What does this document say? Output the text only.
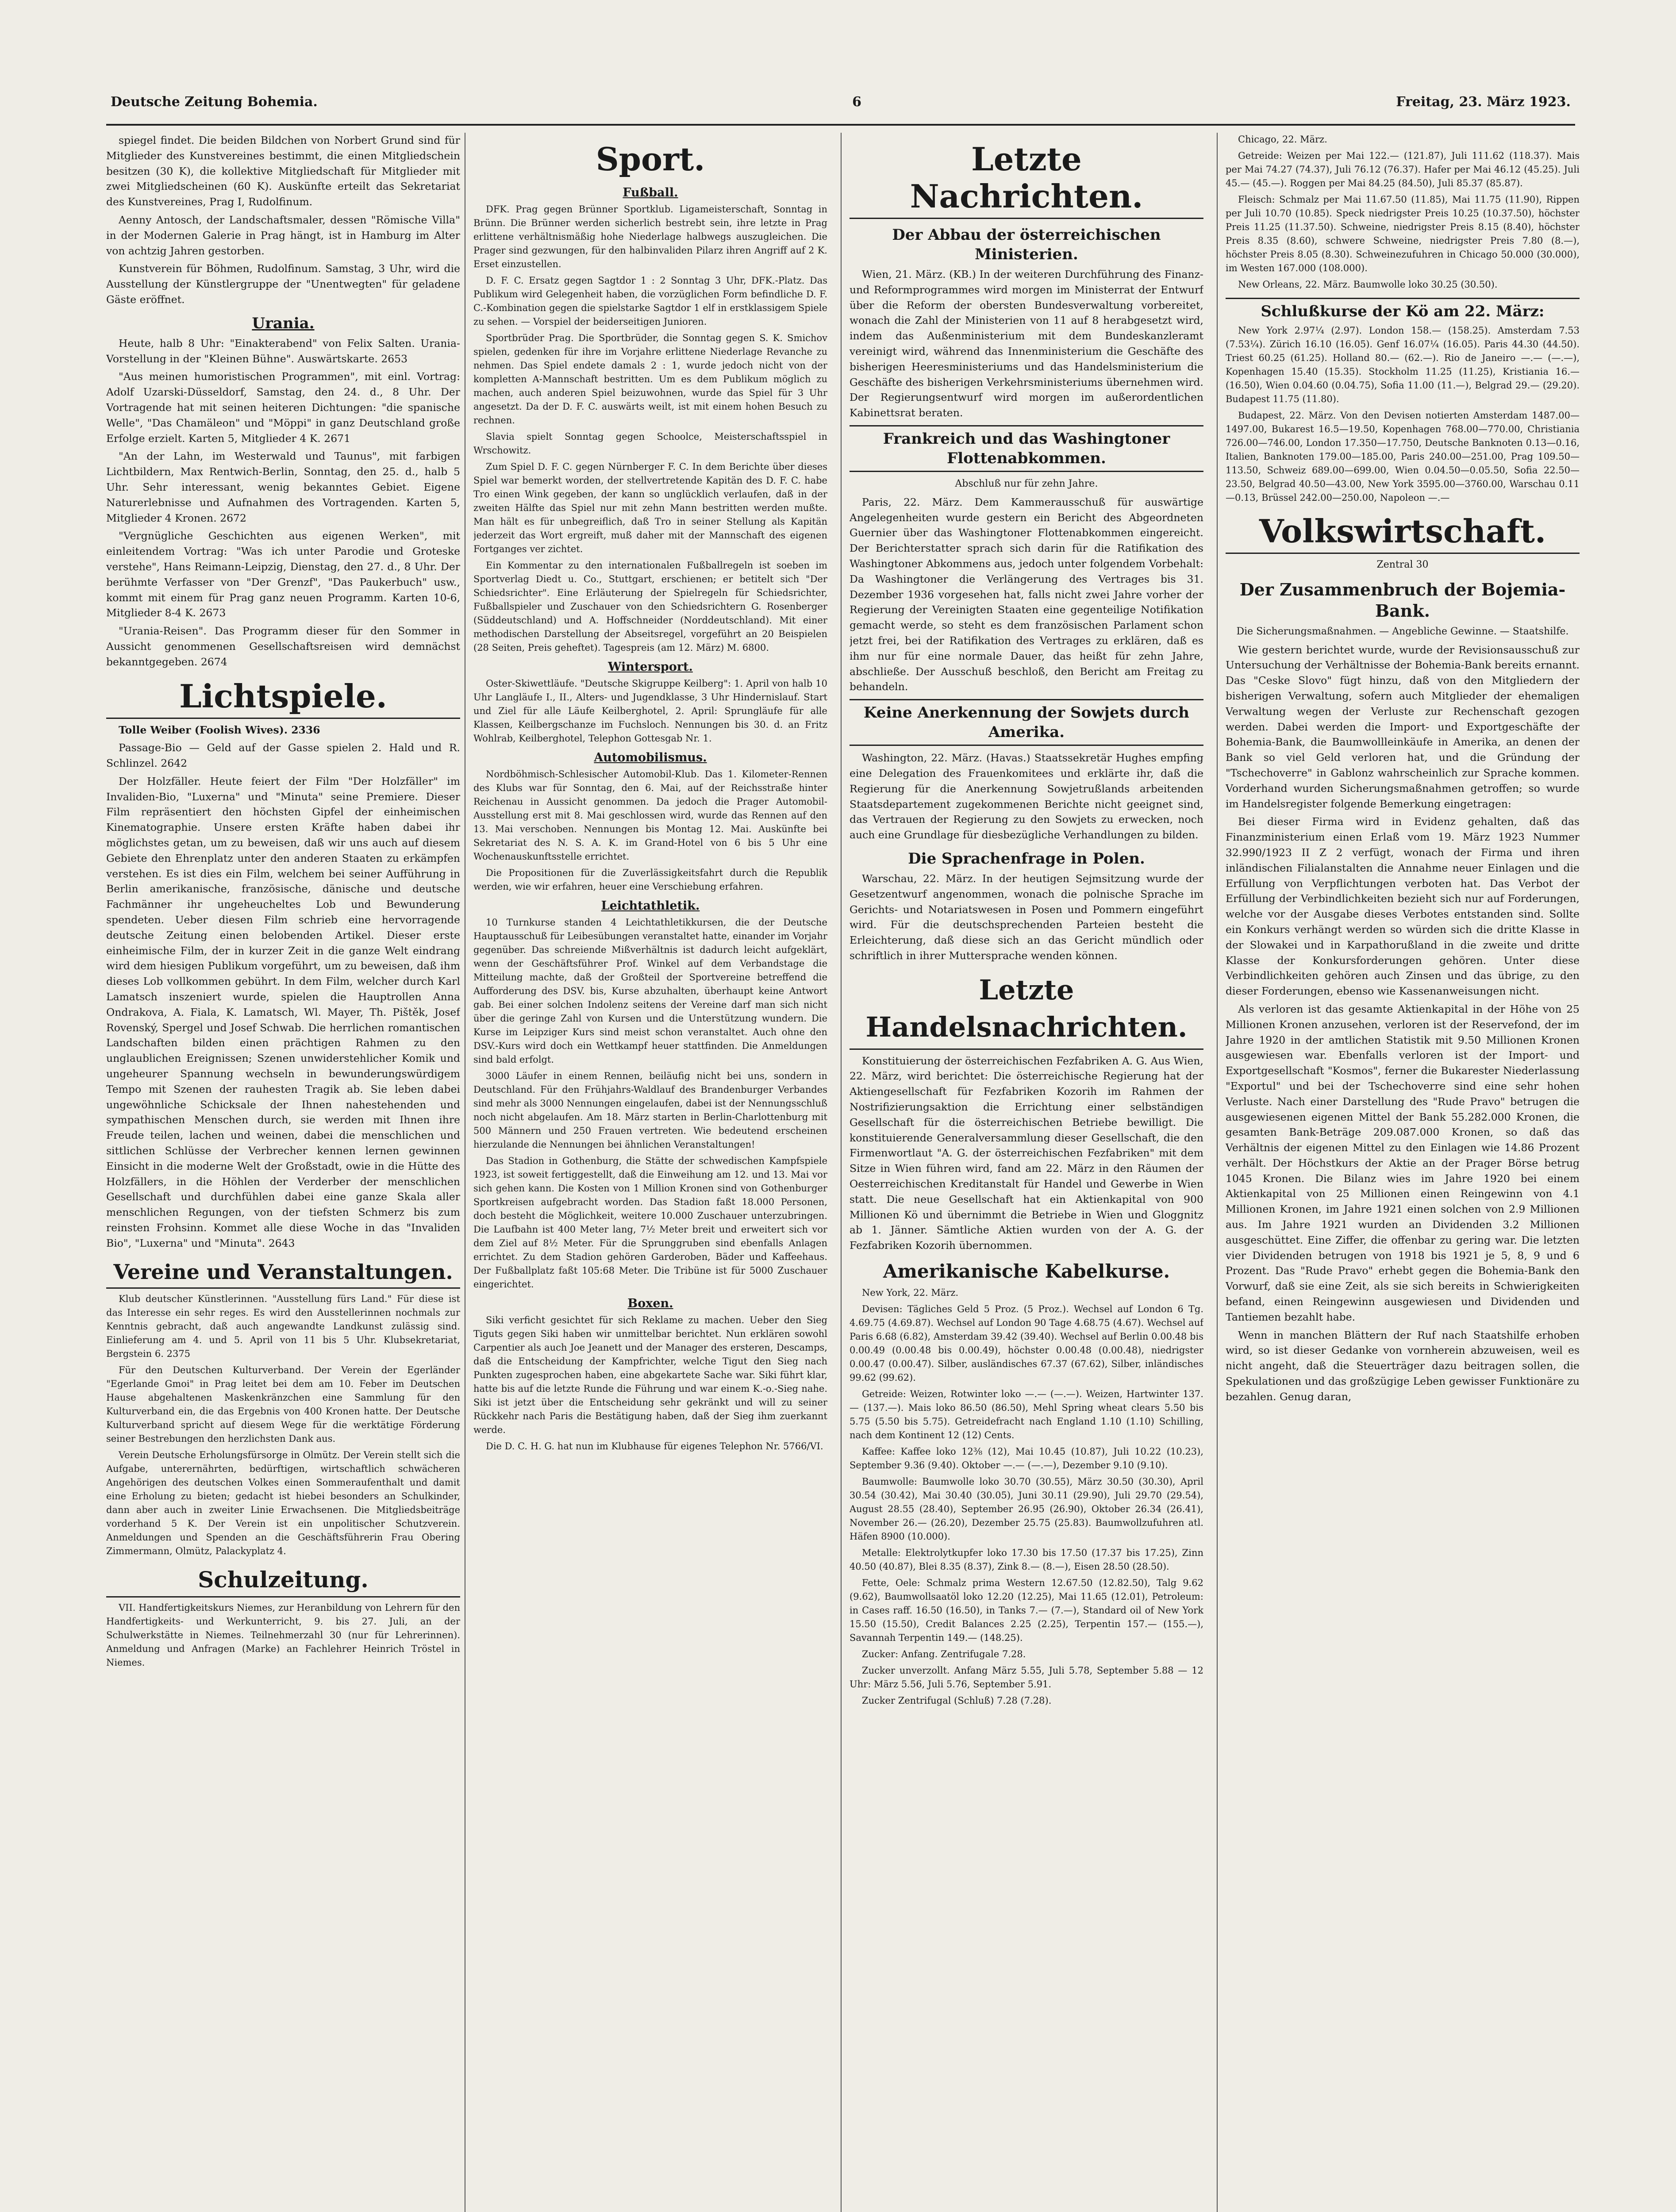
Deutsche Zeitung Bohemia.	6	Freitag, 23. März 1923.

spiegel findet. Die beiden Bildchen von Norbert Grund sind für Mitglieder des Kunstvereines bestimmt, die einen Mitgliedschein besitzen (30 K), die kollektive Mitgliedschaft für Mitglieder mit zwei Mitgliedscheinen (60 K). Auskünfte erteilt das Sekretariat des Kunstvereines, Prag I, Rudolfinum.

Aenny Antosch, der Landschaftsmaler, dessen "Römische Villa" in der Modernen Galerie in Prag hängt, ist in Hamburg im Alter von achtzig Jahren gestorben.

Kunstverein für Böhmen, Rudolfinum. Samstag, 3 Uhr, wird die Ausstellung der Künstlergruppe der "Unentwegten" für geladene Gäste eröffnet.

Urania.

Heute, halb 8 Uhr: "Einakterabend" von Felix Salten. Urania-Vorstellung in der "Kleinen Bühne". Auswärtskarte. 2653

"Aus meinen humoristischen Programmen", mit einl. Vortrag: Adolf Uzarski-Düsseldorf, Samstag, den 24. d., 8 Uhr. Der Vortragende hat mit seinen heiteren Dichtungen: "die spanische Welle", "Das Chamäleon" und "Möppi" in ganz Deutschland große Erfolge erzielt. Karten 5, Mitglieder 4 K. 2671

"An der Lahn, im Westerwald und Taunus", mit farbigen Lichtbildern, Max Rentwich-Berlin, Sonntag, den 25. d., halb 5 Uhr. Sehr interessant, wenig bekanntes Gebiet. Eigene Naturerlebnisse und Aufnahmen des Vortragenden. Karten 5, Mitglieder 4 Kronen. 2672

"Vergnügliche Geschichten aus eigenen Werken", mit einleitendem Vortrag: "Was ich unter Parodie und Groteske verstehe", Hans Reimann-Leipzig, Dienstag, den 27. d., 8 Uhr. Der berühmte Verfasser von "Der Grenzf", "Das Paukerbuch" usw., kommt mit einem für Prag ganz neuen Programm. Karten 10-6, Mitglieder 8-4 K. 2673

"Urania-Reisen". Das Programm dieser für den Sommer in Aussicht genommenen Gesellschaftsreisen wird demnächst bekanntgegeben. 2674

Lichtspiele.

Tolle Weiber (Foolish Wives). 2336

Passage-Bio — Geld auf der Gasse spielen 2. Hald und R. Schlinzel. 2642

Der Holzfäller. Heute feiert der Film "Der Holzfäller" im Invaliden-Bio, "Luxerna" und "Minuta" seine Premiere. Dieser Film repräsentiert den höchsten Gipfel der einheimischen Kinematographie. Unsere ersten Kräfte haben dabei ihr möglichstes getan, um zu beweisen, daß wir uns auch auf diesem Gebiete den Ehrenplatz unter den anderen Staaten zu erkämpfen verstehen. Es ist dies ein Film, welchem bei seiner Aufführung in Berlin amerikanische, französische, dänische und deutsche Fachmänner ihr ungeheucheltes Lob und Bewunderung spendeten. Ueber diesen Film schrieb eine hervorragende deutsche Zeitung einen belobenden Artikel. Dieser erste einheimische Film, der in kurzer Zeit in die ganze Welt eindrang wird dem hiesigen Publikum vorgeführt, um zu beweisen, daß ihm dieses Lob vollkommen gebührt. In dem Film, welcher durch Karl Lamatsch inszeniert wurde, spielen die Hauptrollen Anna Ondrakova, A. Fiala, K. Lamatsch, Wl. Mayer, Th. Pištěk, Josef Rovenský, Spergel und Josef Schwab. Die herrlichen romantischen Landschaften bilden einen prächtigen Rahmen zu den unglaublichen Ereignissen; Szenen unwiderstehlicher Komik und ungeheurer Spannung wechseln in bewunderungswürdigem Tempo mit Szenen der rauhesten Tragik ab. Sie leben dabei ungewöhnliche Schicksale der Ihnen nahestehenden und sympathischen Menschen durch, sie werden mit Ihnen ihre Freude teilen, lachen und weinen, dabei die menschlichen und sittlichen Schlüsse der Verbrecher kennen lernen gewinnen Einsicht in die moderne Welt der Großstadt, owie in die Hütte des Holzfällers, in die Höhlen der Verderber der menschlichen Gesellschaft und durchfühlen dabei eine ganze Skala aller menschlichen Regungen, von der tiefsten Schmerz bis zum reinsten Frohsinn. Kommet alle diese Woche in das "Invaliden Bio", "Luxerna" und "Minuta". 2643

Vereine und Veranstaltungen.

Klub deutscher Künstlerinnen. "Ausstellung fürs Land." Für diese ist das Interesse ein sehr reges. Es wird den Ausstellerinnen nochmals zur Kenntnis gebracht, daß auch angewandte Landkunst zulässig sind. Einlieferung am 4. und 5. April von 11 bis 5 Uhr. Klubsekretariat, Bergstein 6. 2375

Für den Deutschen Kulturverband. Der Verein der Egerländer "Egerlande Gmoi" in Prag leitet bei dem am 10. Feber im Deutschen Hause abgehaltenen Maskenkränzchen eine Sammlung für den Kulturverband ein, die das Ergebnis von 400 Kronen hatte. Der Deutsche Kulturverband spricht auf diesem Wege für die werktätige Förderung seiner Bestrebungen den herzlichsten Dank aus.

Verein Deutsche Erholungsfürsorge in Olmütz. Der Verein stellt sich die Aufgabe, unterernährten, bedürftigen, wirtschaftlich schwächeren Angehörigen des deutschen Volkes einen Sommeraufenthalt und damit eine Erholung zu bieten; gedacht ist hiebei besonders an Schulkinder, dann aber auch in zweiter Linie Erwachsenen. Die Mitgliedsbeiträge vorderhand 5 K. Der Verein ist ein unpolitischer Schutzverein. Anmeldungen und Spenden an die Geschäftsführerin Frau Obering Zimmermann, Olmütz, Palackyplatz 4.

Schulzeitung.

VII. Handfertigkeitskurs Niemes, zur Heranbildung von Lehrern für den Handfertigkeits- und Werkunterricht, 9. bis 27. Juli, an der Schulwerkstätte in Niemes. Teilnehmerzahl 30 (nur für Lehrerinnen). Anmeldung und Anfragen (Marke) an Fachlehrer Heinrich Tröstel in Niemes.

Sport.
Fußball.

DFK. Prag gegen Brünner Sportklub. Ligameisterschaft, Sonntag in Brünn. Die Brünner werden sicherlich bestrebt sein, ihre letzte in Prag erlittene verhältnismäßig hohe Niederlage halbwegs auszugleichen. Die Prager sind gezwungen, für den halbinvaliden Pilarz ihren Angriff auf 2 K. Erset einzustellen.

D. F. C. Ersatz gegen Sagtdor 1 : 2 Sonntag 3 Uhr, DFK.-Platz. Das Publikum wird Gelegenheit haben, die vorzüglichen Form befindliche D. F. C.-Kombination gegen die spielstarke Sagtdor 1 elf in erstklassigem Spiele zu sehen. — Vorspiel der beiderseitigen Junioren.

Sportbrüder Prag. Die Sportbrüder, die Sonntag gegen S. K. Smichov spielen, gedenken für ihre im Vorjahre erlittene Niederlage Revanche zu nehmen. Das Spiel endete damals 2 : 1, wurde jedoch nicht von der kompletten A-Mannschaft bestritten. Um es dem Publikum möglich zu machen, auch anderen Spiel beizuwohnen, wurde das Spiel für 3 Uhr angesetzt. Da der D. F. C. auswärts weilt, ist mit einem hohen Besuch zu rechnen.

Slavia spielt Sonntag gegen Schoolce, Meisterschaftsspiel in Wrschowitz.

Zum Spiel D. F. C. gegen Nürnberger F. C. In dem Berichte über dieses Spiel war bemerkt worden, der stellvertretende Kapitän des D. F. C. habe Tro einen Wink gegeben, der kann so unglücklich verlaufen, daß in der zweiten Hälfte das Spiel nur mit zehn Mann bestritten werden mußte. Man hält es für unbegreiflich, daß Tro in seiner Stellung als Kapitän jederzeit das Wort ergreift, muß daher mit der Mannschaft des eigenen Fortganges ver zichtet.

Ein Kommentar zu den internationalen Fußballregeln ist soeben im Sportverlag Diedt u. Co., Stuttgart, erschienen; er betitelt sich "Der Schiedsrichter". Eine Erläuterung der Spielregeln für Schiedsrichter, Fußballspieler und Zuschauer von den Schiedsrichtern G. Rosenberger (Süddeutschland) und A. Hoffschneider (Norddeutschland). Mit einer methodischen Darstellung der Abseitsregel, vorgeführt an 20 Beispielen (28 Seiten, Preis geheftet). Tagespreis (am 12. März) M. 6800.

Wintersport.

Oster-Skiwettläufe. "Deutsche Skigruppe Keilberg": 1. April von halb 10 Uhr Langläufe I., II., Alters- und Jugendklasse, 3 Uhr Hindernislauf. Start und Ziel für alle Läufe Keilberghotel, 2. April: Sprungläufe für alle Klassen, Keilbergschanze im Fuchsloch. Nennungen bis 30. d. an Fritz Wohlrab, Keilberghotel, Telephon Gottesgab Nr. 1.

Automobilismus.

Nordböhmisch-Schlesischer Automobil-Klub. Das 1. Kilometer-Rennen des Klubs war für Sonntag, den 6. Mai, auf der Reichsstraße hinter Reichenau in Aussicht genommen. Da jedoch die Prager Automobil-Ausstellung erst mit 8. Mai geschlossen wird, wurde das Rennen auf den 13. Mai verschoben. Nennungen bis Montag 12. Mai. Auskünfte bei Sekretariat des N. S. A. K. im Grand-Hotel von 6 bis 5 Uhr eine Wochenauskunftsstelle errichtet.

Die Propositionen für die Zuverlässigkeitsfahrt durch die Republik werden, wie wir erfahren, heuer eine Verschiebung erfahren.

Leichtathletik.

10 Turnkurse standen 4 Leichtathletikkursen, die der Deutsche Hauptausschuß für Leibesübungen veranstaltet hatte, einander im Vorjahr gegenüber. Das schreiende Mißverhältnis ist dadurch leicht aufgeklärt, wenn der Geschäftsführer Prof. Winkel auf dem Verbandstage die Mitteilung machte, daß der Großteil der Sportvereine betreffend die Aufforderung des DSV. bis, Kurse abzuhalten, überhaupt keine Antwort gab. Bei einer solchen Indolenz seitens der Vereine darf man sich nicht über die geringe Zahl von Kursen und die Unterstützung wundern. Die Kurse im Leipziger Kurs sind meist schon veranstaltet. Auch ohne den DSV.-Kurs wird doch ein Wettkampf heuer stattfinden. Die Anmeldungen sind bald erfolgt.

3000 Läufer in einem Rennen, beiläufig nicht bei uns, sondern in Deutschland. Für den Frühjahrs-Waldlauf des Brandenburger Verbandes sind mehr als 3000 Nennungen eingelaufen, dabei ist der Nennungsschluß noch nicht abgelaufen. Am 18. März starten in Berlin-Charlottenburg mit 500 Männern und 250 Frauen vertreten. Wie bedeutend erscheinen hierzulande die Nennungen bei ähnlichen Veranstaltungen!

Das Stadion in Gothenburg, die Stätte der schwedischen Kampfspiele 1923, ist soweit fertiggestellt, daß die Einweihung am 12. und 13. Mai vor sich gehen kann. Die Kosten von 1 Million Kronen sind von Gothenburger Sportkreisen aufgebracht worden. Das Stadion faßt 18.000 Personen, doch besteht die Möglichkeit, weitere 10.000 Zuschauer unterzubringen. Die Laufbahn ist 400 Meter lang, 7½ Meter breit und erweitert sich vor dem Ziel auf 8½ Meter. Für die Sprunggruben sind ebenfalls Anlagen errichtet. Zu dem Stadion gehören Garderoben, Bäder und Kaffeehaus. Der Fußballplatz faßt 105:68 Meter. Die Tribüne ist für 5000 Zuschauer eingerichtet.

Boxen.

Siki verficht gesichtet für sich Reklame zu machen. Ueber den Sieg Tiguts gegen Siki haben wir unmittelbar berichtet. Nun erklären sowohl Carpentier als auch Joe Jeanett und der Manager des ersteren, Descamps, daß die Entscheidung der Kampfrichter, welche Tigut den Sieg nach Punkten zugesprochen haben, eine abgekartete Sache war. Siki führt klar, hatte bis auf die letzte Runde die Führung und war einem K.-o.-Sieg nahe. Siki ist jetzt über die Entscheidung sehr gekränkt und will zu seiner Rückkehr nach Paris die Bestätigung haben, daß der Sieg ihm zuerkannt werde.

Die D. C. H. G. hat nun im Klubhause für eigenes Telephon Nr. 5766/VI.

Letzte Nachrichten.
Der Abbau der österreichischen Ministerien.

Wien, 21. März. (KB.) In der weiteren Durchführung des Finanz- und Reformprogrammes wird morgen im Ministerrat der Entwurf über die Reform der obersten Bundesverwaltung vorbereitet, wonach die Zahl der Ministerien von 11 auf 8 herabgesetzt wird, indem das Außenministerium mit dem Bundeskanzleramt vereinigt wird, während das Innenministerium die Geschäfte des bisherigen Heeresministeriums und das Handelsministerium die Geschäfte des bisherigen Verkehrsministeriums übernehmen wird. Der Regierungsentwurf wird morgen im außerordentlichen Kabinettsrat beraten.

Frankreich und das Washingtoner Flottenabkommen.

Abschluß nur für zehn Jahre.

Paris, 22. März. Dem Kammerausschuß für auswärtige Angelegenheiten wurde gestern ein Bericht des Abgeordneten Guernier über das Washingtoner Flottenabkommen eingereicht. Der Berichterstatter sprach sich darin für die Ratifikation des Washingtoner Abkommens aus, jedoch unter folgendem Vorbehalt: Da Washingtoner die Verlängerung des Vertrages bis 31. Dezember 1936 vorgesehen hat, falls nicht zwei Jahre vorher der Regierung der Vereinigten Staaten eine gegenteilige Notifikation gemacht werde, so steht es dem französischen Parlament schon jetzt frei, bei der Ratifikation des Vertrages zu erklären, daß es ihm nur für eine normale Dauer, das heißt für zehn Jahre, abschließe. Der Ausschuß beschloß, den Bericht am Freitag zu behandeln.

Keine Anerkennung der Sowjets durch Amerika.

Washington, 22. März. (Havas.) Staatssekretär Hughes empfing eine Delegation des Frauenkomitees und erklärte ihr, daß die Regierung für die Anerkennung Sowjetrußlands arbeitenden Staatsdepartement zugekommenen Berichte nicht geeignet sind, das Vertrauen der Regierung zu den Sowjets zu erwecken, noch auch eine Grundlage für diesbezügliche Verhandlungen zu bilden.

Die Sprachenfrage in Polen.

Warschau, 22. März. In der heutigen Sejmsitzung wurde der Gesetzentwurf angenommen, wonach die polnische Sprache im Gerichts- und Notariatswesen in Posen und Pommern eingeführt wird. Für die deutschsprechenden Parteien besteht die Erleichterung, daß diese sich an das Gericht mündlich oder schriftlich in ihrer Muttersprache wenden können.

Letzte Handelsnachrichten.

Konstituierung der österreichischen Fezfabriken A. G. Aus Wien, 22. März, wird berichtet: Die österreichische Regierung hat der Aktiengesellschaft für Fezfabriken Kozorih im Rahmen der Nostrifizierungsaktion die Errichtung einer selbständigen Gesellschaft für die österreichischen Betriebe bewilligt. Die konstituierende Generalversammlung dieser Gesellschaft, die den Firmenwortlaut "A. G. der österreichischen Fezfabriken" mit dem Sitze in Wien führen wird, fand am 22. März in den Räumen der Oesterreichischen Kreditanstalt für Handel und Gewerbe in Wien statt. Die neue Gesellschaft hat ein Aktienkapital von 900 Millionen Kö und übernimmt die Betriebe in Wien und Gloggnitz ab 1. Jänner. Sämtliche Aktien wurden von der A. G. der Fezfabriken Kozorih übernommen.

Amerikanische Kabelkurse.

New York, 22. März.

Devisen: Tägliches Geld 5 Proz. (5 Proz.). Wechsel auf London 6 Tg. 4.69.75 (4.69.87). Wechsel auf London 90 Tage 4.68.75 (4.67). Wechsel auf Paris 6.68 (6.82), Amsterdam 39.42 (39.40). Wechsel auf Berlin 0.00.48 bis 0.00.49 (0.00.48 bis 0.00.49), höchster 0.00.48 (0.00.48), niedrigster 0.00.47 (0.00.47). Silber, ausländisches 67.37 (67.62), Silber, inländisches 99.62 (99.62).

Getreide: Weizen, Rotwinter loko —.— (—.—). Weizen, Hartwinter 137.— (137.—). Mais loko 86.50 (86.50), Mehl Spring wheat clears 5.50 bis 5.75 (5.50 bis 5.75). Getreidefracht nach England 1.10 (1.10) Schilling, nach dem Kontinent 12 (12) Cents.

Kaffee: Kaffee loko 12⅜ (12), Mai 10.45 (10.87), Juli 10.22 (10.23), September 9.36 (9.40). Oktober —.— (—.—), Dezember 9.10 (9.10).

Baumwolle: Baumwolle loko 30.70 (30.55), März 30.50 (30.30), April 30.54 (30.42), Mai 30.40 (30.05), Juni 30.11 (29.90), Juli 29.70 (29.54), August 28.55 (28.40), September 26.95 (26.90), Oktober 26.34 (26.41), November 26.— (26.20), Dezember 25.75 (25.83). Baumwollzufuhren atl. Häfen 8900 (10.000).

Metalle: Elektrolytkupfer loko 17.30 bis 17.50 (17.37 bis 17.25), Zinn 40.50 (40.87), Blei 8.35 (8.37), Zink 8.— (8.—), Eisen 28.50 (28.50).

Fette, Oele: Schmalz prima Western 12.67.50 (12.82.50), Talg 9.62 (9.62), Baumwollsaatöl loko 12.20 (12.25), Mai 11.65 (12.01), Petroleum: in Cases raff. 16.50 (16.50), in Tanks 7.— (7.—), Standard oil of New York 15.50 (15.50), Credit Balances 2.25 (2.25), Terpentin 157.— (155.—), Savannah Terpentin 149.— (148.25).

Zucker: Anfang. Zentrifugale 7.28.

Zucker unverzollt. Anfang März 5.55, Juli 5.78, September 5.88 — 12 Uhr: März 5.56, Juli 5.76, September 5.91.

Zucker Zentrifugal (Schluß) 7.28 (7.28).

Chicago, 22. März.

Getreide: Weizen per Mai 122.— (121.87), Juli 111.62 (118.37). Mais per Mai 74.27 (74.37), Juli 76.12 (76.37). Hafer per Mai 46.12 (45.25). Juli 45.— (45.—). Roggen per Mai 84.25 (84.50), Juli 85.37 (85.87).

Fleisch: Schmalz per Mai 11.67.50 (11.85), Mai 11.75 (11.90), Rippen per Juli 10.70 (10.85). Speck niedrigster Preis 10.25 (10.37.50), höchster Preis 11.25 (11.37.50). Schweine, niedrigster Preis 8.15 (8.40), höchster Preis 8.35 (8.60), schwere Schweine, niedrigster Preis 7.80 (8.—), höchster Preis 8.05 (8.30). Schweinezufuhren in Chicago 50.000 (30.000), im Westen 167.000 (108.000).

New Orleans, 22. März. Baumwolle loko 30.25 (30.50).

Schlußkurse der Kö am 22. März:

New York 2.97¼ (2.97). London 158.— (158.25). Amsterdam 7.53 (7.53¼). Zürich 16.10 (16.05). Genf 16.07¼ (16.05). Paris 44.30 (44.50). Triest 60.25 (61.25). Holland 80.— (62.—). Rio de Janeiro —.— (—.—), Kopenhagen 15.40 (15.35). Stockholm 11.25 (11.25), Kristiania 16.— (16.50), Wien 0.04.60 (0.04.75), Sofia 11.00 (11.—), Belgrad 29.— (29.20). Budapest 11.75 (11.80).

Budapest, 22. März. Von den Devisen notierten Amsterdam 1487.00—1497.00, Bukarest 16.5—19.50, Kopenhagen 768.00—770.00, Christiania 726.00—746.00, London 17.350—17.750, Deutsche Banknoten 0.13—0.16, Italien, Banknoten 179.00—185.00, Paris 240.00—251.00, Prag 109.50—113.50, Schweiz 689.00—699.00, Wien 0.04.50—0.05.50, Sofia 22.50—23.50, Belgrad 40.50—43.00, New York 3595.00—3760.00, Warschau 0.11—0.13, Brüssel 242.00—250.00, Napoleon —.—

Volkswirtschaft.

Zentral 30

Der Zusammenbruch der Bojemia-Bank.

Die Sicherungsmaßnahmen. — Angebliche Gewinne. — Staatshilfe.

Wie gestern berichtet wurde, wurde der Revisionsausschuß zur Untersuchung der Verhältnisse der Bohemia-Bank bereits ernannt. Das "Ceske Slovo" fügt hinzu, daß von den Mitgliedern der bisherigen Verwaltung, sofern auch Mitglieder der ehemaligen Verwaltung wegen der Verluste zur Rechenschaft gezogen werden. Dabei werden die Import- und Exportgeschäfte der Bohemia-Bank, die Baumwollleinkäufe in Amerika, an denen der Bank so viel Geld verloren hat, und die Gründung der "Tschechoverre" in Gablonz wahrscheinlich zur Sprache kommen. Vorderhand wurden Sicherungsmaßnahmen getroffen; so wurde im Handelsregister folgende Bemerkung eingetragen:

Bei dieser Firma wird in Evidenz gehalten, daß das Finanzministerium einen Erlaß vom 19. März 1923 Nummer 32.990/1923 II Z 2 verfügt, wonach der Firma und ihren inländischen Filialanstalten die Annahme neuer Einlagen und die Erfüllung von Verpflichtungen verboten hat. Das Verbot der Erfüllung der Verbindlichkeiten bezieht sich nur auf Forderungen, welche vor der Ausgabe dieses Verbotes entstanden sind. Sollte ein Konkurs verhängt werden so würden sich die dritte Klasse in der Slowakei und in Karpathorußland in die zweite und dritte Klasse der Konkursforderungen gehören. Unter diese Verbindlichkeiten gehören auch Zinsen und das übrige, zu den dieser Forderungen, ebenso wie Kassenanweisungen nicht.

Als verloren ist das gesamte Aktienkapital in der Höhe von 25 Millionen Kronen anzusehen, verloren ist der Reservefond, der im Jahre 1920 in der amtlichen Statistik mit 9.50 Millionen Kronen ausgewiesen war. Ebenfalls verloren ist der Import- und Exportgesellschaft "Kosmos", ferner die Bukarester Niederlassung "Exportul" und bei der Tschechoverre sind eine sehr hohen Verluste. Nach einer Darstellung des "Rude Pravo" betrugen die ausgewiesenen eigenen Mittel der Bank 55.282.000 Kronen, die gesamten Bank-Beträge 209.087.000 Kronen, so daß das Verhältnis der eigenen Mittel zu den Einlagen wie 14.86 Prozent verhält. Der Höchstkurs der Aktie an der Prager Börse betrug 1045 Kronen. Die Bilanz wies im Jahre 1920 bei einem Aktienkapital von 25 Millionen einen Reingewinn von 4.1 Millionen Kronen, im Jahre 1921 einen solchen von 2.9 Millionen aus. Im Jahre 1921 wurden an Dividenden 3.2 Millionen ausgeschüttet. Eine Ziffer, die offenbar zu gering war. Die letzten vier Dividenden betrugen von 1918 bis 1921 je 5, 8, 9 und 6 Prozent. Das "Rude Pravo" erhebt gegen die Bohemia-Bank den Vorwurf, daß sie eine Zeit, als sie sich bereits in Schwierigkeiten befand, einen Reingewinn ausgewiesen und Dividenden und Tantiemen bezahlt habe.

Wenn in manchen Blättern der Ruf nach Staatshilfe erhoben wird, so ist dieser Gedanke von vornherein abzuweisen, weil es nicht angeht, daß die Steuerträger dazu beitragen sollen, die Spekulationen und das großzügige Leben gewisser Funktionäre zu bezahlen. Genug daran,
